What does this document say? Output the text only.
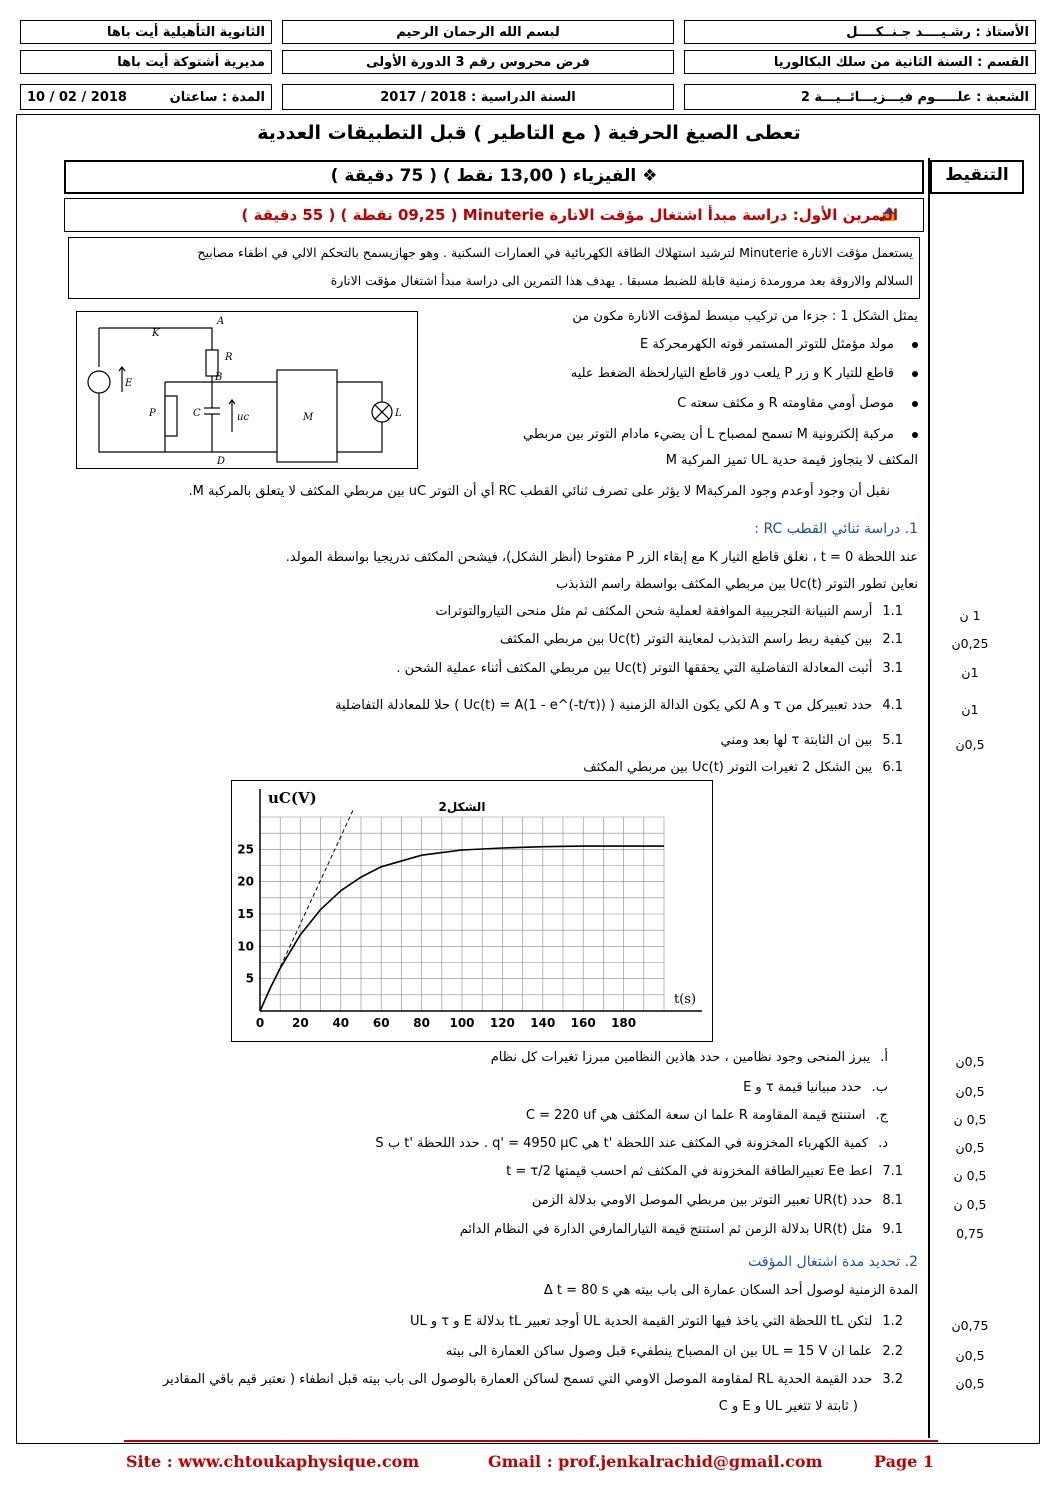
الأستاذ : رشـيــــد جـنــكــــل
لبسم الله الرحمان الرحيم
الثانوية التأهيلية أيت باها
القسم : السنة الثانية من سلك البكالوريا
فرض محروس رقم 3 الدورة الأولى
مديرية أشتوكة أيت باها
الشعبة : علـــــوم فيـــزيـــائــيـــة 2
السنة الدراسية : 2018 / 2017
10 / 02 / 2018	المدة : ساعتان
تعطى الصيغ الحرفية ( مع التاطير ) قبل التطبيقات العددية
التنقيط
❖ الفيزياء ( 13,00 نقط ) ( 75 دقيقة )
التمرين الأول: دراسة مبدأ اشتغال مؤقت الانارة Minuterie ( 09,25 نقطة ) ( 55 دقيقة )
يستعمل مؤقت الانارة Minuterie لترشيد استهلاك الطاقة الكهربائية في العمارات السكنية . وهو جهازيسمح بالتحكم الالي في اطفاء مصابيح
السلالم والاروقة بعد مرورمدة زمنية قابلة للضبط مسبقا . يهدف هذا التمرين الى دراسة مبدأ اشتغال مؤقت الانارة
K
A
R
B
E
P	C	uc	M	L
D
يمثل الشكل 1 : جزءا من تركيب مبسط لمؤقت الانارة مكون من
مولد مؤمثل للتوتر المستمر قوته الكهرمحركة E
قاطع للتيار K و زر P يلعب دور قاطع التيارلحظة الضغط عليه
موصل أومي مقاومته R و مكثف سعته C
مركبة إلكترونية M تسمح لمصباح L أن يضيء مادام التوتر بين مربطي
المكثف لا يتجاوز قيمة حدية UL تميز المركبة M
نقبل أن وجود أوعدم وجود المركبةM لا يؤثر على تصرف ثنائي القطب RC أي أن التوتر uC بين مربطي المكثف لا يتعلق بالمركبة M.
1. دراسة ثنائي القطب RC :
عند اللحظة t = 0 ، نغلق قاطع التيار K مع إبقاء الزر P مفتوحا (أنظر الشكل)، فيشحن المكثف تدريجيا بواسطة المولد.
نعاين تطور التوتر Uc(t) بين مربطي المكثف بواسطة راسم التذبذب
1.1أرسم التبيانة التجريبية الموافقة لعملية شحن المكثف ثم مثل منحى التياروالتوترات	1 ن
2.1بين كيفية ربط راسم التذبذب لمعاينة التوتر Uc(t) بين مربطي المكثف	0,25ن
3.1أثبت المعادلة التفاضلية التي يحققها التوتر Uc(t) بين مربطي المكثف أثناء عملية الشحن .	1ن
4.1حدد تعبيركل من τ و A لكي يكون الدالة الزمنية ( Uc(t) = A(1 - e^(-t/τ)) ) حلا للمعادلة التفاضلية	1ن
5.1بين ان الثابتة τ لها بعد ومني	0,5ن
6.1يبن الشكل 2 تغيرات التوتر Uc(t) بين مربطي المكثف
0 20 40 60 80 100 120 140 160 180
5
10
15
20
25
uC(V)
t(s)
الشكل2
أ.يبرز المنحى وجود نظامين ، حدد هاذين النظامين مبرزا تغيرات كل نظام	0,5ن
ب.حدد مبيانيا قيمة τ و E	0,5ن
ج.استنتج قيمة المقاومة R علما ان سعة المكثف هي C = 220 uf	0,5 ن
د.كمية الكهرباء المخزونة في المكثف عند اللحظة 't هي q' = 4950 μC . حدد اللحظة 't ب S	0,5ن
7.1اعط Ee تعبيرالطاقة المخزونة في المكثف ثم احسب قيمتها t = τ/2	0,5 ن
8.1حدد UR(t) تعبير التوتر بين مربطي الموصل الاومي بدلالة الزمن	0,5 ن
9.1مثل UR(t) بدلالة الزمن ثم استنتج قيمة التيارالمارفي الدارة في النظام الدائم	0,75
2. تحديد مدة اشتغال المؤقت
المدة الزمنية لوصول أحد السكان عمارة الى باب بيته هي Δ t = 80 s
1.2لتكن tL اللحظة التي ياخذ فيها التوتر القيمة الحدية UL أوجد تعبير tL بدلالة E و τ و UL	0,75ن
2.2علما ان UL = 15 V بين ان المصباح ينطفيء قبل وصول ساكن العمارة الى بيته	0,5ن
3.2حدد القيمة الحدية RL لمقاومة الموصل الاومي التي تسمح لساكن العمارة بالوصول الى باب بيته قبل انطفاء ( نعتبر قيم باقي المقادير	0,5ن
C و E و UL ثابتة لا تتغير )
Site : www.chtoukaphysique.com	Gmail : prof.jenkalrachid@gmail.com	Page 1
